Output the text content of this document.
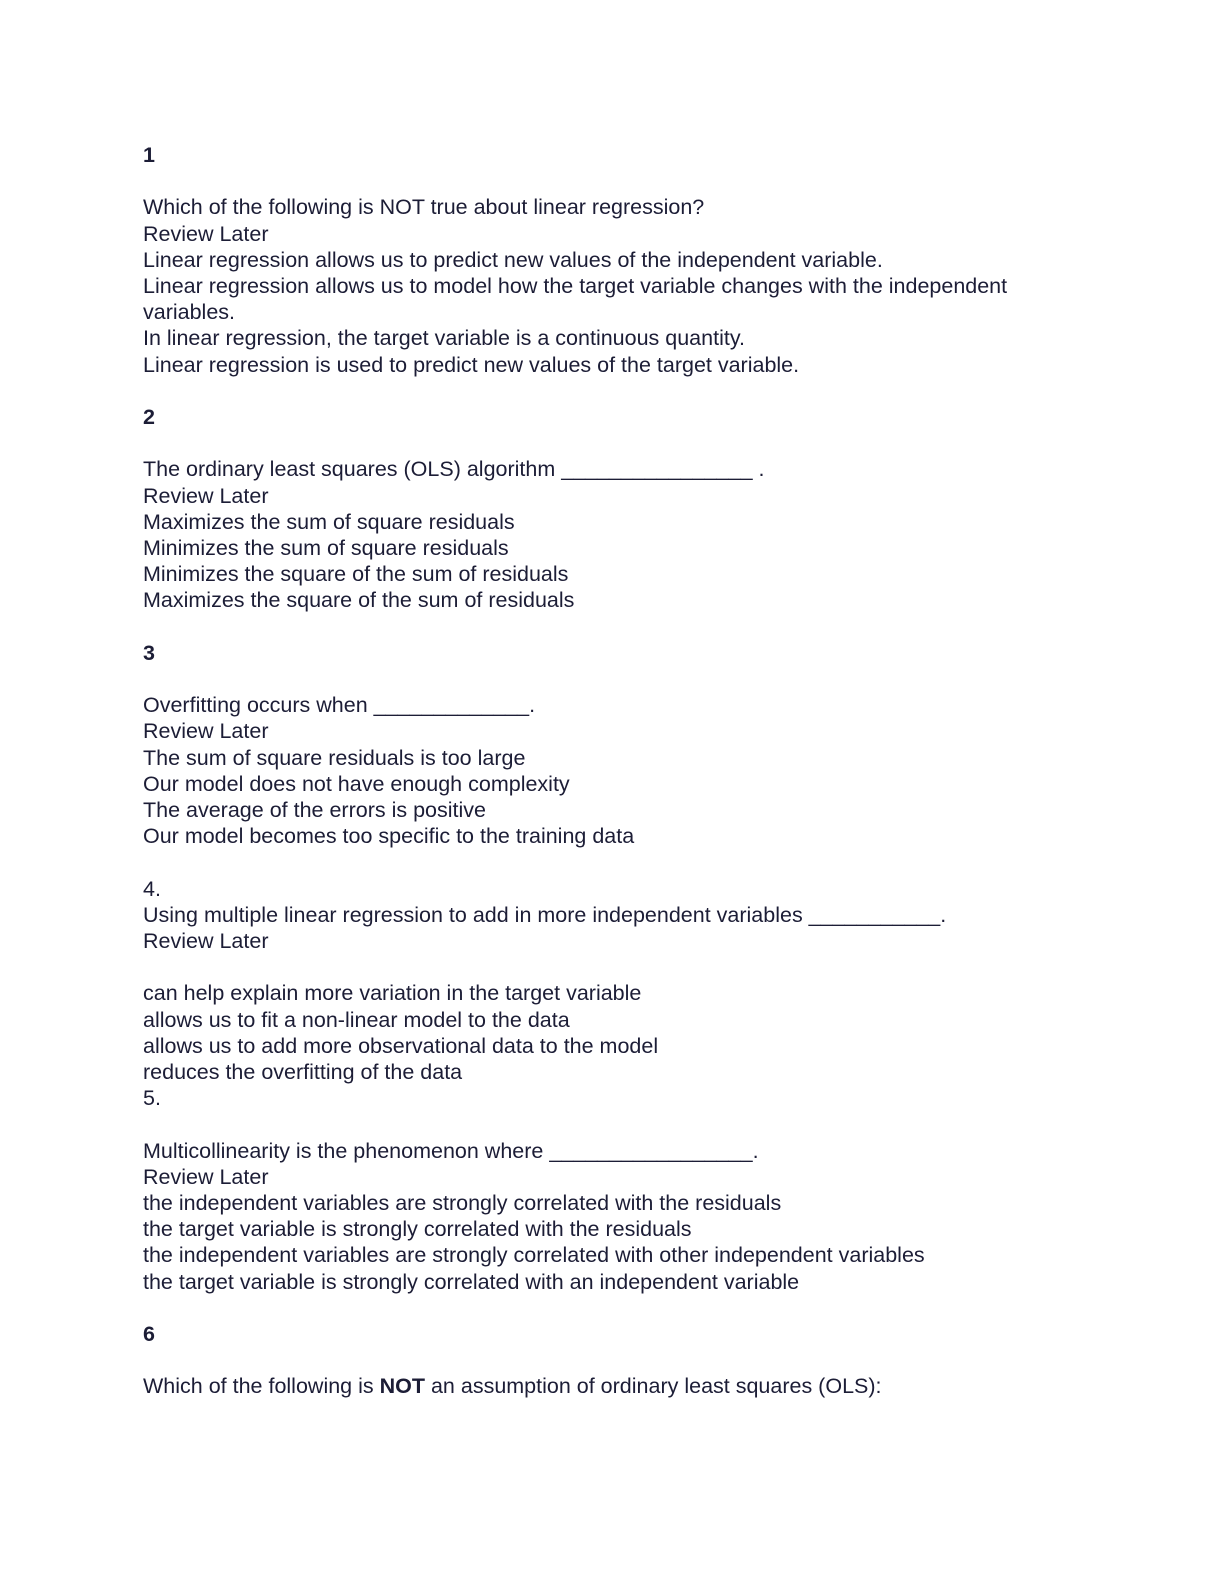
1
Which of the following is NOT true about linear regression?
Review Later
Linear regression allows us to predict new values of the independent variable.
Linear regression allows us to model how the target variable changes with the independent variables.
In linear regression, the target variable is a continuous quantity.
Linear regression is used to predict new values of the target variable.
2
The ordinary least squares (OLS) algorithm ________________ .
Review Later
Maximizes the sum of square residuals
Minimizes the sum of square residuals
Minimizes the square of the sum of residuals
Maximizes the square of the sum of residuals
3
Overfitting occurs when _____________.
Review Later
The sum of square residuals is too large
Our model does not have enough complexity
The average of the errors is positive
Our model becomes too specific to the training data
4.
Using multiple linear regression to add in more independent variables ___________.
Review Later
can help explain more variation in the target variable
allows us to fit a non-linear model to the data
allows us to add more observational data to the model
reduces the overfitting of the data
5.
Multicollinearity is the phenomenon where _________________.
Review Later
the independent variables are strongly correlated with the residuals
the target variable is strongly correlated with the residuals
the independent variables are strongly correlated with other independent variables
the target variable is strongly correlated with an independent variable
6
Which of the following is NOT an assumption of ordinary least squares (OLS):
